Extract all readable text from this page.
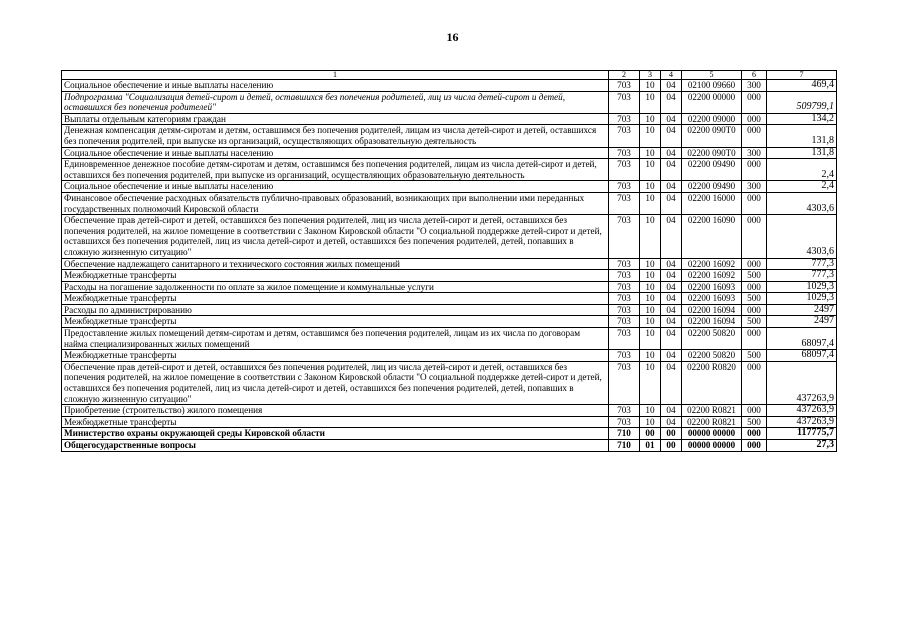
16
1	2	3	4	5	6	7
Социальное обеспечение и иные выплаты населению	703	10	04	02100 09660	300	469,4
Подпрограмма "Социализация детей-сирот и детей, оставшихся без попечения родителей, лиц из числа детей-сирот и детей, оставшихся без попечения родителей"	703	10	04	02200 00000	000	509799,1
Выплаты отдельным категориям граждан	703	10	04	02200 09000	000	134,2
Денежная компенсация детям-сиротам и детям, оставшимся без попечения родителей, лицам из числа детей-сирот и детей, оставшихся без попечения родителей, при выпуске из организаций, осуществляющих образовательную деятельность	703	10	04	02200 090T0	000	131,8
Социальное обеспечение и иные выплаты населению	703	10	04	02200 090T0	300	131,8
Единовременное денежное пособие детям-сиротам и детям, оставшимся без попечения родителей, лицам из числа детей-сирот и детей, оставшихся без попечения родителей, при выпуске из организаций, осуществляющих образовательную деятельность	703	10	04	02200 09490	000	2,4
Социальное обеспечение и иные выплаты населению	703	10	04	02200 09490	300	2,4
Финансовое обеспечение расходных обязательств публично-правовых образований, возникающих при выполнении ими переданных государственных полномочий Кировской области	703	10	04	02200 16000	000	4303,6
Обеспечение прав детей-сирот и детей, оставшихся без попечения родителей, лиц из числа детей-сирот и детей, оставшихся без попечения родителей, на жилое помещение в соответствии с Законом Кировской области "О социальной поддержке детей-сирот и детей, оставшихся без попечения родителей, лиц из числа детей-сирот и детей, оставшихся без попечения родителей, детей, попавших в сложную жизненную ситуацию"	703	10	04	02200 16090	000	4303,6
Обеспечение надлежащего санитарного и технического состояния жилых помещений	703	10	04	02200 16092	000	777,3
Межбюджетные трансферты	703	10	04	02200 16092	500	777,3
Расходы на погашение задолженности по оплате за жилое помещение и коммунальные услуги	703	10	04	02200 16093	000	1029,3
Межбюджетные трансферты	703	10	04	02200 16093	500	1029,3
Расходы по администрированию	703	10	04	02200 16094	000	2497
Межбюджетные трансферты	703	10	04	02200 16094	500	2497
Предоставление жилых помещений детям-сиротам и детям, оставшимся без попечения родителей, лицам из их числа по договорам найма специализированных жилых помещений	703	10	04	02200 50820	000	68097,4
Межбюджетные трансферты	703	10	04	02200 50820	500	68097,4
Обеспечение прав детей-сирот и детей, оставшихся без попечения родителей, лиц из числа детей-сирот и детей, оставшихся без попечения родителей, на жилое помещение в соответствии с Законом Кировской области "О социальной поддержке детей-сирот и детей, оставшихся без попечения родителей, лиц из числа детей-сирот и детей, оставшихся без попечения родителей, детей, попавших в сложную жизненную ситуацию"	703	10	04	02200 R0820	000	437263,9
Приобретение (строительство) жилого помещения	703	10	04	02200 R0821	000	437263,9
Межбюджетные трансферты	703	10	04	02200 R0821	500	437263,9
Министерство охраны окружающей среды Кировской области	710	00	00	00000 00000	000	117775,7
Общегосударственные вопросы	710	01	00	00000 00000	000	27,3
